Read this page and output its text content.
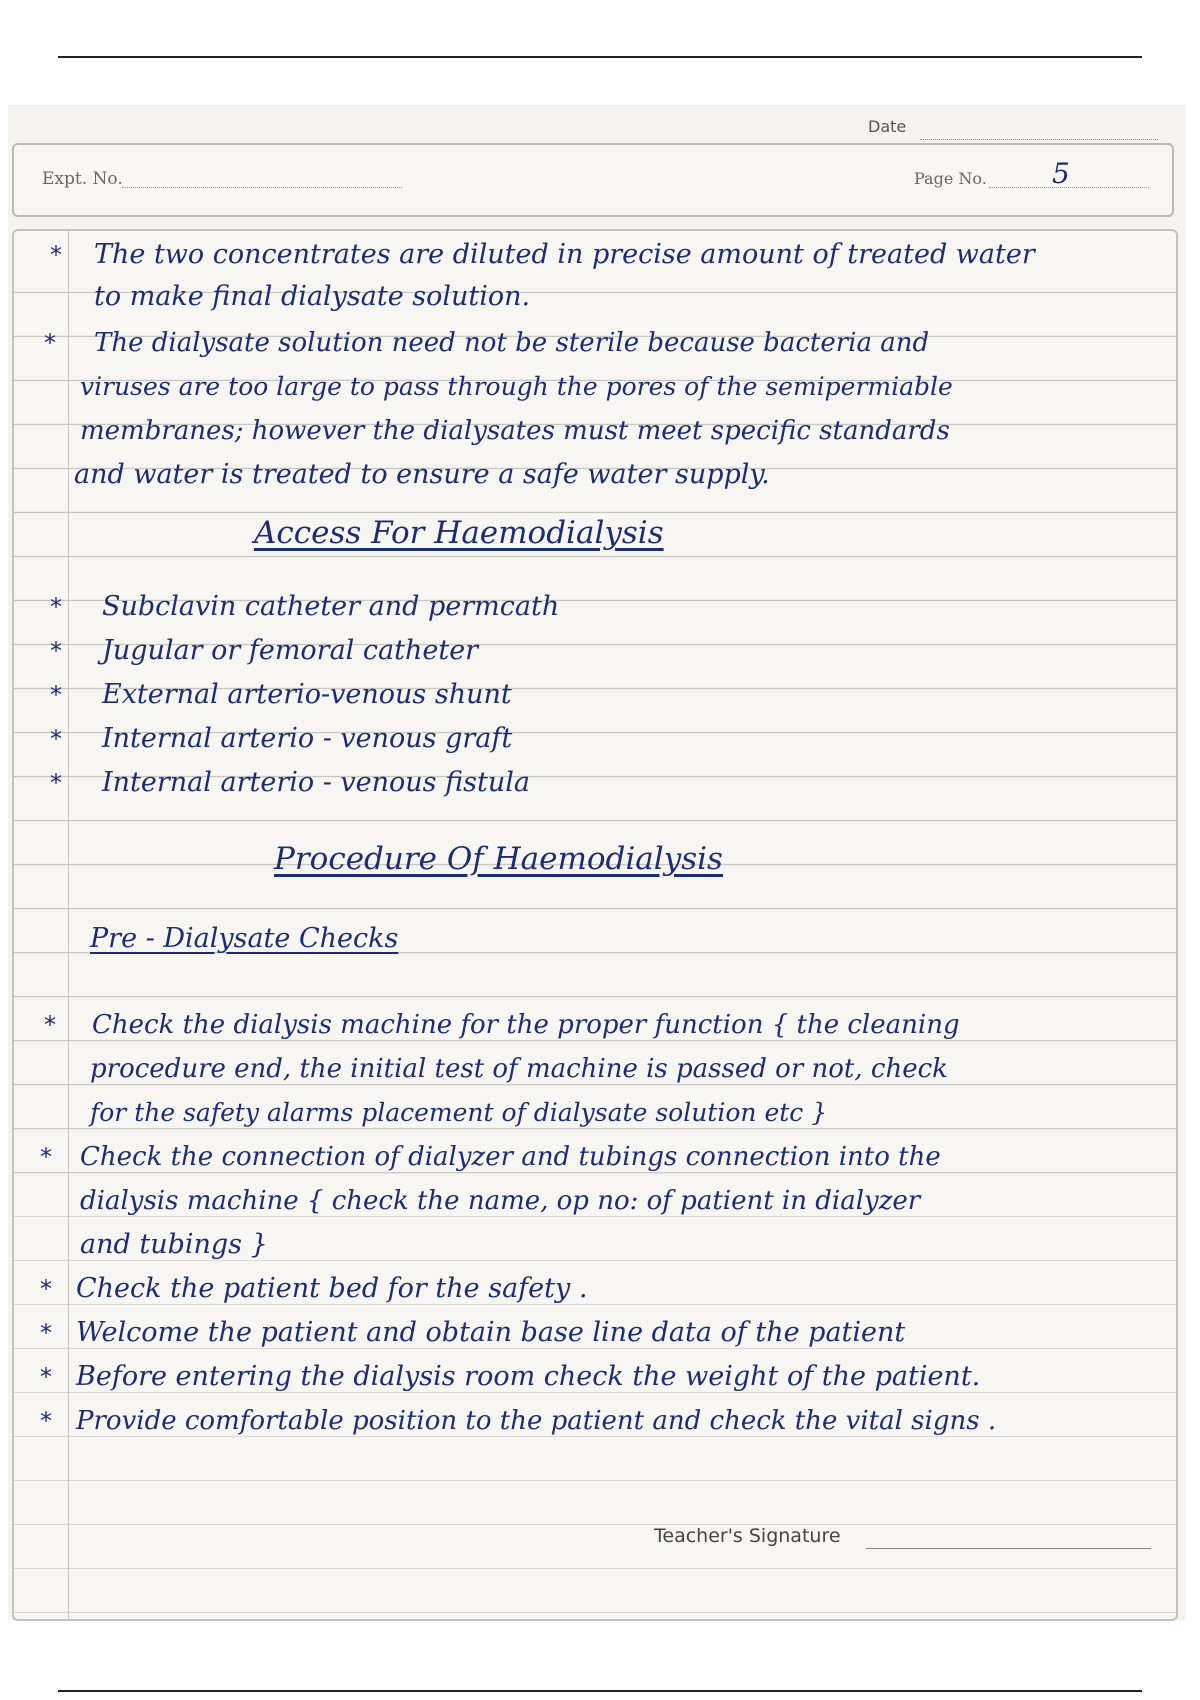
Date
Expt. No.	Page No. 5
* The two concentrates are diluted in precise amount of treated water

to make final dialysate solution.

* The dialysate solution need not be sterile because bacteria and

viruses are too large to pass through the pores of the semipermiable

membranes; however the dialysates must meet specific standards

and water is treated to ensure a safe water supply.

Access For Haemodialysis

* Subclavin catheter and permcath

* Jugular or femoral catheter

* External arterio-venous shunt

* Internal arterio - venous graft

* Internal arterio - venous fistula

Procedure Of Haemodialysis

Pre - Dialysate Checks

* Check the dialysis machine for the proper function { the cleaning

procedure end, the initial test of machine is passed or not, check

for the safety alarms placement of dialysate solution etc }

* Check the connection of dialyzer and tubings connection into the

dialysis machine { check the name, op no: of patient in dialyzer

and tubings }

* Check the patient bed for the safety .

* Welcome the patient and obtain base line data of the patient

* Before entering the dialysis room check the weight of the patient.

* Provide comfortable position to the patient and check the vital signs .

Teacher's Signature
